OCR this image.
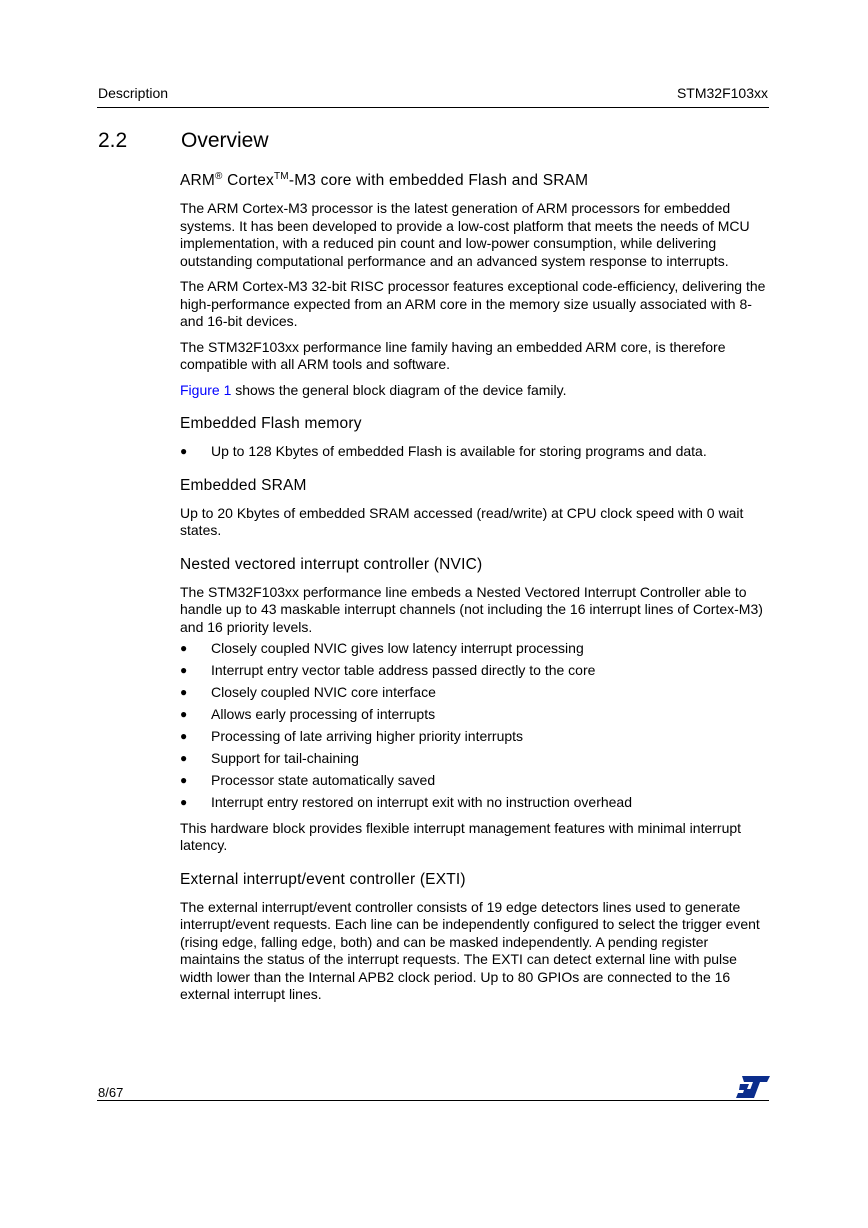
Description	STM32F103xx
2.2	Overview
ARM® Cortex™-M3 core with embedded Flash and SRAM

The ARM Cortex-M3 processor is the latest generation of ARM processors for embedded systems. It has been developed to provide a low-cost platform that meets the needs of MCU implementation, with a reduced pin count and low-power consumption, while delivering outstanding computational performance and an advanced system response to interrupts.

The ARM Cortex-M3 32-bit RISC processor features exceptional code-efficiency, delivering the high-performance expected from an ARM core in the memory size usually associated with 8- and 16-bit devices.

The STM32F103xx performance line family having an embedded ARM core, is therefore compatible with all ARM tools and software.

Figure 1 shows the general block diagram of the device family.

Embedded Flash memory
● Up to 128 Kbytes of embedded Flash is available for storing programs and data.
Embedded SRAM

Up to 20 Kbytes of embedded SRAM accessed (read/write) at CPU clock speed with 0 wait states.

Nested vectored interrupt controller (NVIC)

The STM32F103xx performance line embeds a Nested Vectored Interrupt Controller able to handle up to 43 maskable interrupt channels (not including the 16 interrupt lines of Cortex-M3) and 16 priority levels.

● Closely coupled NVIC gives low latency interrupt processing
● Interrupt entry vector table address passed directly to the core
● Closely coupled NVIC core interface
● Allows early processing of interrupts
● Processing of late arriving higher priority interrupts
● Support for tail-chaining
● Processor state automatically saved
● Interrupt entry restored on interrupt exit with no instruction overhead

This hardware block provides flexible interrupt management features with minimal interrupt latency.

External interrupt/event controller (EXTI)

The external interrupt/event controller consists of 19 edge detectors lines used to generate interrupt/event requests. Each line can be independently configured to select the trigger event (rising edge, falling edge, both) and can be masked independently. A pending register maintains the status of the interrupt requests. The EXTI can detect external line with pulse width lower than the Internal APB2 clock period. Up to 80 GPIOs are connected to the 16 external interrupt lines.

8/67
